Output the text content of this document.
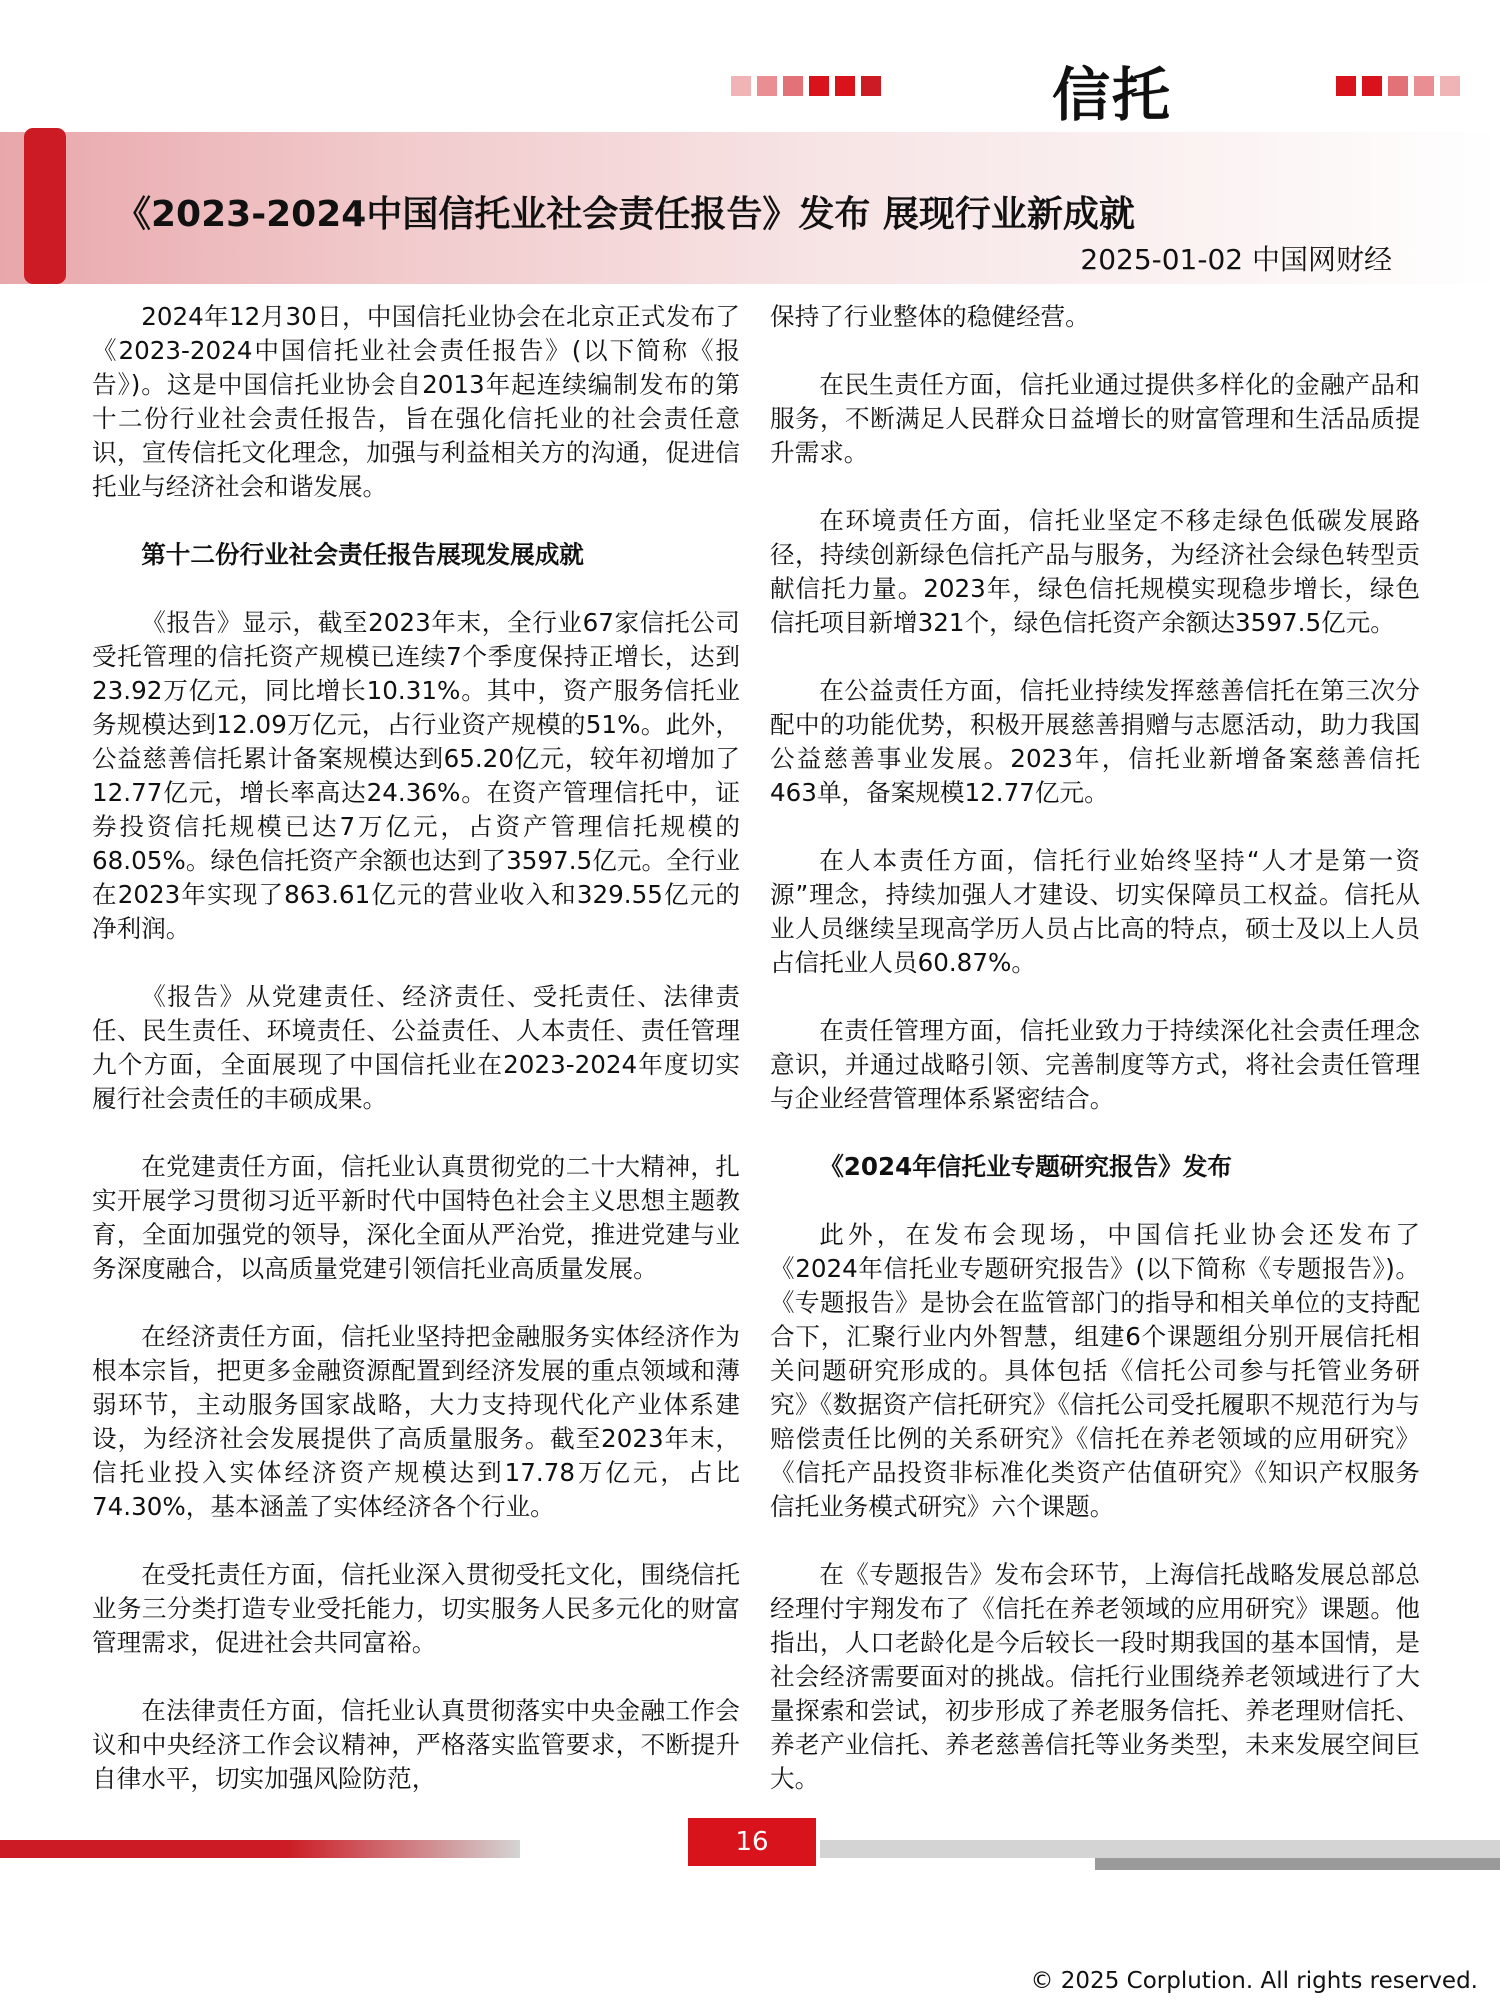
信托
《2023-2024中国信托业社会责任报告》发布 展现行业新成就
2025-01-02 中国网财经

2024年12月30日，中国信托业协会在北京正式发布了《2023-2024中国信托业社会责任报告》(以下简称《报告》)。这是中国信托业协会自2013年起连续编制发布的第十二份行业社会责任报告，旨在强化信托业的社会责任意识，宣传信托文化理念，加强与利益相关方的沟通，促进信托业与经济社会和谐发展。

第十二份行业社会责任报告展现发展成就

《报告》显示，截至2023年末，全行业67家信托公司受托管理的信托资产规模已连续7个季度保持正增长，达到23.92万亿元，同比增长10.31%。其中，资产服务信托业务规模达到12.09万亿元，占行业资产规模的51%。此外，公益慈善信托累计备案规模达到65.20亿元，较年初增加了12.77亿元，增长率高达24.36%。在资产管理信托中，证券投资信托规模已达7万亿元，占资产管理信托规模的68.05%。绿色信托资产余额也达到了3597.5亿元。全行业在2023年实现了863.61亿元的营业收入和329.55亿元的净利润。

《报告》从党建责任、经济责任、受托责任、法律责任、民生责任、环境责任、公益责任、人本责任、责任管理九个方面，全面展现了中国信托业在2023-2024年度切实履行社会责任的丰硕成果。

在党建责任方面，信托业认真贯彻党的二十大精神，扎实开展学习贯彻习近平新时代中国特色社会主义思想主题教育，全面加强党的领导，深化全面从严治党，推进党建与业务深度融合，以高质量党建引领信托业高质量发展。

在经济责任方面，信托业坚持把金融服务实体经济作为根本宗旨，把更多金融资源配置到经济发展的重点领域和薄弱环节，主动服务国家战略，大力支持现代化产业体系建设，为经济社会发展提供了高质量服务。截至2023年末，信托业投入实体经济资产规模达到17.78万亿元，占比74.30%，基本涵盖了实体经济各个行业。

在受托责任方面，信托业深入贯彻受托文化，围绕信托业务三分类打造专业受托能力，切实服务人民多元化的财富管理需求，促进社会共同富裕。

在法律责任方面，信托业认真贯彻落实中央金融工作会议和中央经济工作会议精神，严格落实监管要求，不断提升自律水平，切实加强风险防范，

保持了行业整体的稳健经营。

在民生责任方面，信托业通过提供多样化的金融产品和服务，不断满足人民群众日益增长的财富管理和生活品质提升需求。

在环境责任方面，信托业坚定不移走绿色低碳发展路径，持续创新绿色信托产品与服务，为经济社会绿色转型贡献信托力量。2023年，绿色信托规模实现稳步增长，绿色信托项目新增321个，绿色信托资产余额达3597.5亿元。

在公益责任方面，信托业持续发挥慈善信托在第三次分配中的功能优势，积极开展慈善捐赠与志愿活动，助力我国公益慈善事业发展。2023年，信托业新增备案慈善信托463单，备案规模12.77亿元。

在人本责任方面，信托行业始终坚持“人才是第一资源”理念，持续加强人才建设、切实保障员工权益。信托从业人员继续呈现高学历人员占比高的特点，硕士及以上人员占信托业人员60.87%。

在责任管理方面，信托业致力于持续深化社会责任理念意识，并通过战略引领、完善制度等方式，将社会责任管理与企业经营管理体系紧密结合。

《2024年信托业专题研究报告》发布

此外，在发布会现场，中国信托业协会还发布了《2024年信托业专题研究报告》(以下简称《专题报告》)。《专题报告》是协会在监管部门的指导和相关单位的支持配合下，汇聚行业内外智慧，组建6个课题组分别开展信托相关问题研究形成的。具体包括《信托公司参与托管业务研究》《数据资产信托研究》《信托公司受托履职不规范行为与赔偿责任比例的关系研究》《信托在养老领域的应用研究》《信托产品投资非标准化类资产估值研究》《知识产权服务信托业务模式研究》六个课题。

在《专题报告》发布会环节，上海信托战略发展总部总经理付宇翔发布了《信托在养老领域的应用研究》课题。他指出，人口老龄化是今后较长一段时期我国的基本国情，是社会经济需要面对的挑战。信托行业围绕养老领域进行了大量探索和尝试，初步形成了养老服务信托、养老理财信托、养老产业信托、养老慈善信托等业务类型，未来发展空间巨大。

16
© 2025 Corplution. All rights reserved.
